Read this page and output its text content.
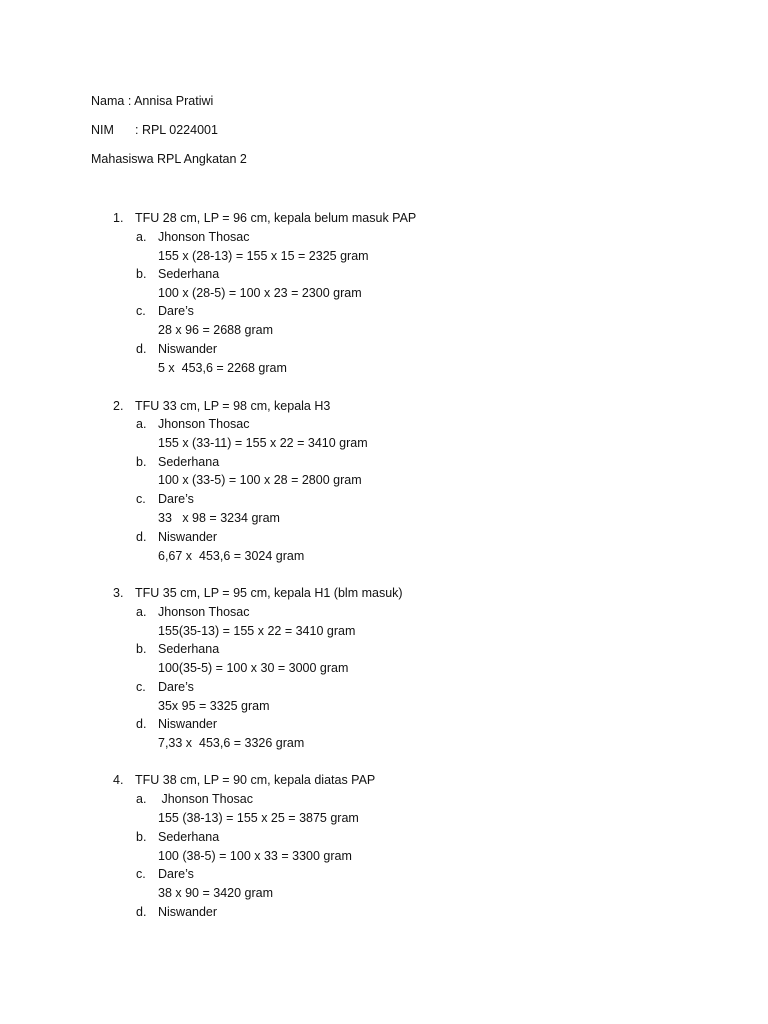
Nama : Annisa Pratiwi
NIM : RPL 0224001
Mahasiswa RPL Angkatan 2
1. TFU 28 cm, LP = 96 cm, kepala belum masuk PAP
a. Jhonson Thosac
155 x (28-13) = 155 x 15 = 2325 gram
b. Sederhana
100 x (28-5) = 100 x 23 = 2300 gram
c. Dare’s
28 x 96 = 2688 gram
d. Niswander
5 x  453,6 = 2268 gram
2. TFU 33 cm, LP = 98 cm, kepala H3
a. Jhonson Thosac
155 x (33-11) = 155 x 22 = 3410 gram
b. Sederhana
100 x (33-5) = 100 x 28 = 2800 gram
c. Dare’s
33   x 98 = 3234 gram
d. Niswander
6,67 x  453,6 = 3024 gram
3. TFU 35 cm, LP = 95 cm, kepala H1 (blm masuk)
a. Jhonson Thosac
155(35-13) = 155 x 22 = 3410 gram
b. Sederhana
100(35-5) = 100 x 30 = 3000 gram
c. Dare’s
35x 95 = 3325 gram
d. Niswander
7,33 x  453,6 = 3326 gram
4. TFU 38 cm, LP = 90 cm, kepala diatas PAP
a. Jhonson Thosac
155 (38-13) = 155 x 25 = 3875 gram
b. Sederhana
100 (38-5) = 100 x 33 = 3300 gram
c. Dare’s
38 x 90 = 3420 gram
d. Niswander
